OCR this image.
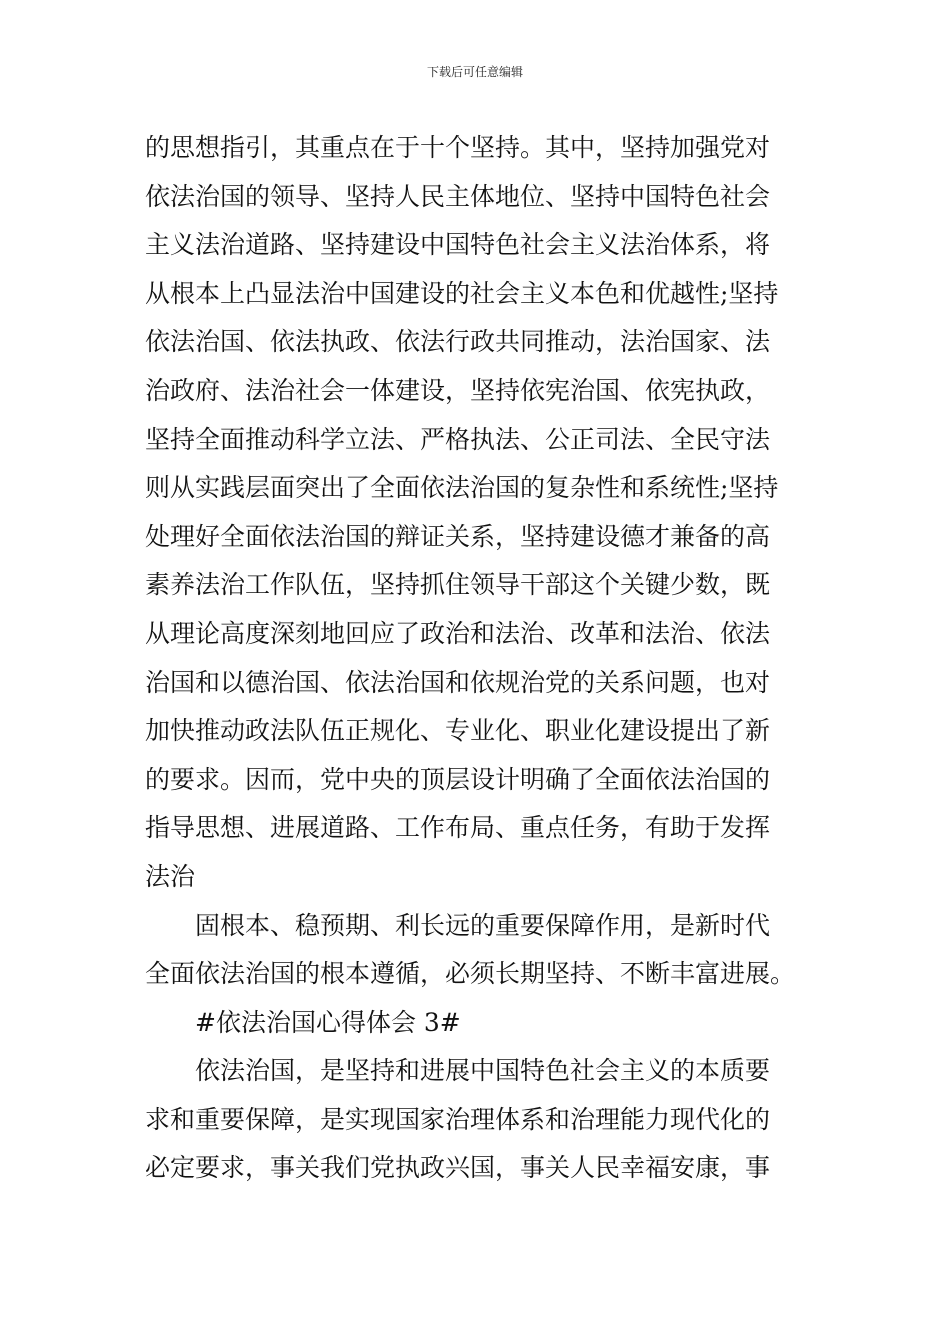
下载后可任意编辑
的思想指引，其重点在于十个坚持。其中，坚持加强党对
依法治国的领导、坚持人民主体地位、坚持中国特色社会
主义法治道路、坚持建设中国特色社会主义法治体系，将
从根本上凸显法治中国建设的社会主义本色和优越性;坚持
依法治国、依法执政、依法行政共同推动，法治国家、法
治政府、法治社会一体建设，坚持依宪治国、依宪执政，
坚持全面推动科学立法、严格执法、公正司法、全民守法
则从实践层面突出了全面依法治国的复杂性和系统性;坚持
处理好全面依法治国的辩证关系，坚持建设德才兼备的高
素养法治工作队伍，坚持抓住领导干部这个关键少数，既
从理论高度深刻地回应了政治和法治、改革和法治、依法
治国和以德治国、依法治国和依规治党的关系问题，也对
加快推动政法队伍正规化、专业化、职业化建设提出了新
的要求。因而，党中央的顶层设计明确了全面依法治国的
指导思想、进展道路、工作布局、重点任务，有助于发挥
法治
固根本、稳预期、利长远的重要保障作用，是新时代
全面依法治国的根本遵循，必须长期坚持、不断丰富进展。
#依法治国心得体会 3#
依法治国，是坚持和进展中国特色社会主义的本质要
求和重要保障，是实现国家治理体系和治理能力现代化的
必定要求，事关我们党执政兴国，事关人民幸福安康，事
